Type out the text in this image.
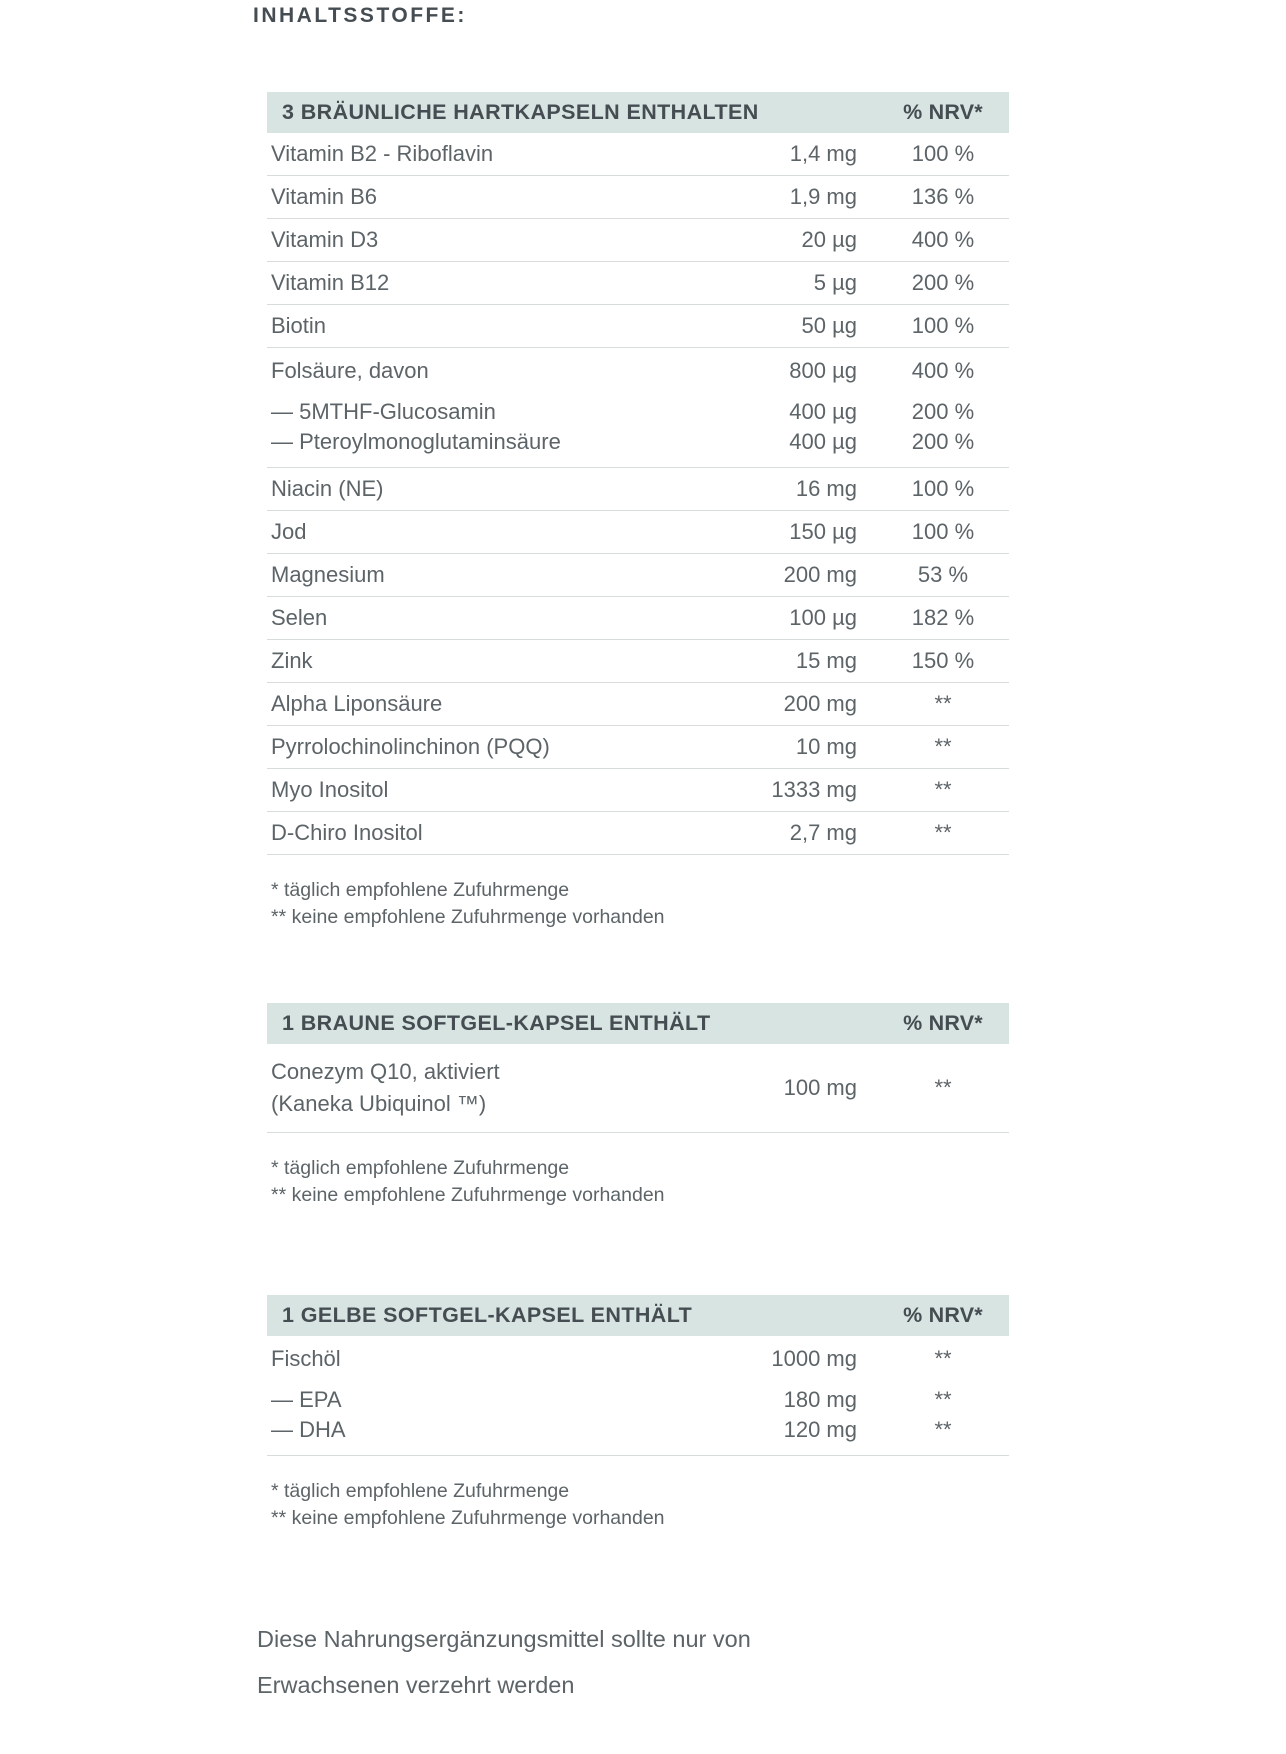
INHALTSSTOFFE:
3 BRÄUNLICHE HARTKAPSELN ENTHALTEN	% NRV*
Vitamin B2 - Riboflavin	1,4 mg	100 %
Vitamin B6	1,9 mg	136 %
Vitamin D3	20 µg	400 %
Vitamin B12	5 µg	200 %
Biotin	50 µg	100 %
Folsäure, davon	800 µg	400 %
— 5MTHF-Glucosamin	400 µg	200 %
— Pteroylmonoglutaminsäure	400 µg	200 %
Niacin (NE)	16 mg	100 %
Jod	150 µg	100 %
Magnesium	200 mg	53 %
Selen	100 µg	182 %
Zink	15 mg	150 %
Alpha Liponsäure	200 mg	**
Pyrrolochinolinchinon (PQQ)	10 mg	**
Myo Inositol	1333 mg	**
D-Chiro Inositol	2,7 mg	**
* täglich empfohlene Zufuhrmenge
** keine empfohlene Zufuhrmenge vorhanden
1 BRAUNE SOFTGEL-KAPSEL ENTHÄLT	% NRV*
Conezym Q10, aktiviert
(Kaneka Ubiquinol ™)
100 mg	**
* täglich empfohlene Zufuhrmenge
** keine empfohlene Zufuhrmenge vorhanden
1 GELBE SOFTGEL-KAPSEL ENTHÄLT	% NRV*
Fischöl	1000 mg	**
— EPA	180 mg	**
— DHA	120 mg	**
* täglich empfohlene Zufuhrmenge
** keine empfohlene Zufuhrmenge vorhanden

Diese Nahrungsergänzungsmittel sollte nur von
Erwachsenen verzehrt werden
